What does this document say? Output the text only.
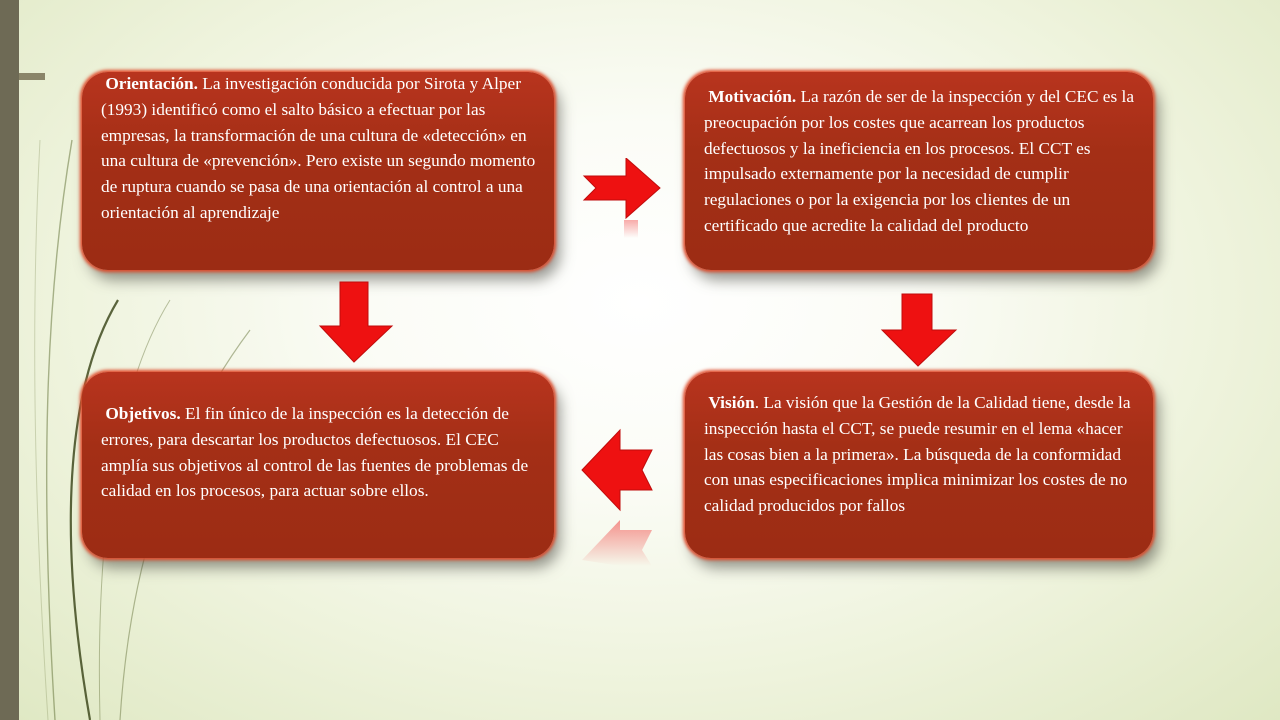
Orientación. La investigación conducida por Sirota y Alper (1993) identificó como el salto básico a efectuar por las empresas, la transformación de una cultura de «detección» en una cultura de «prevención». Pero existe un segundo momento de ruptura cuando se pasa de una orientación al control a una orientación al aprendizaje
Motivación. La razón de ser de la inspección y del CEC es la preocupación por los costes que acarrean los productos defectuosos y la ineficiencia en los procesos. El CCT es impulsado externamente por la necesidad de cumplir regulaciones o por la exigencia por los clientes de un certificado que acredite la calidad del producto
Objetivos. El fin único de la inspección es la detección de errores, para descartar los productos defectuosos. El CEC amplía sus objetivos al control de las fuentes de problemas de calidad en los procesos, para actuar sobre ellos.
Visión. La visión que la Gestión de la Calidad tiene, desde la inspección hasta el CCT, se puede resumir en el lema «hacer las cosas bien a la primera». La búsqueda de la conformidad con unas especificaciones implica minimizar los costes de no calidad producidos por fallos
